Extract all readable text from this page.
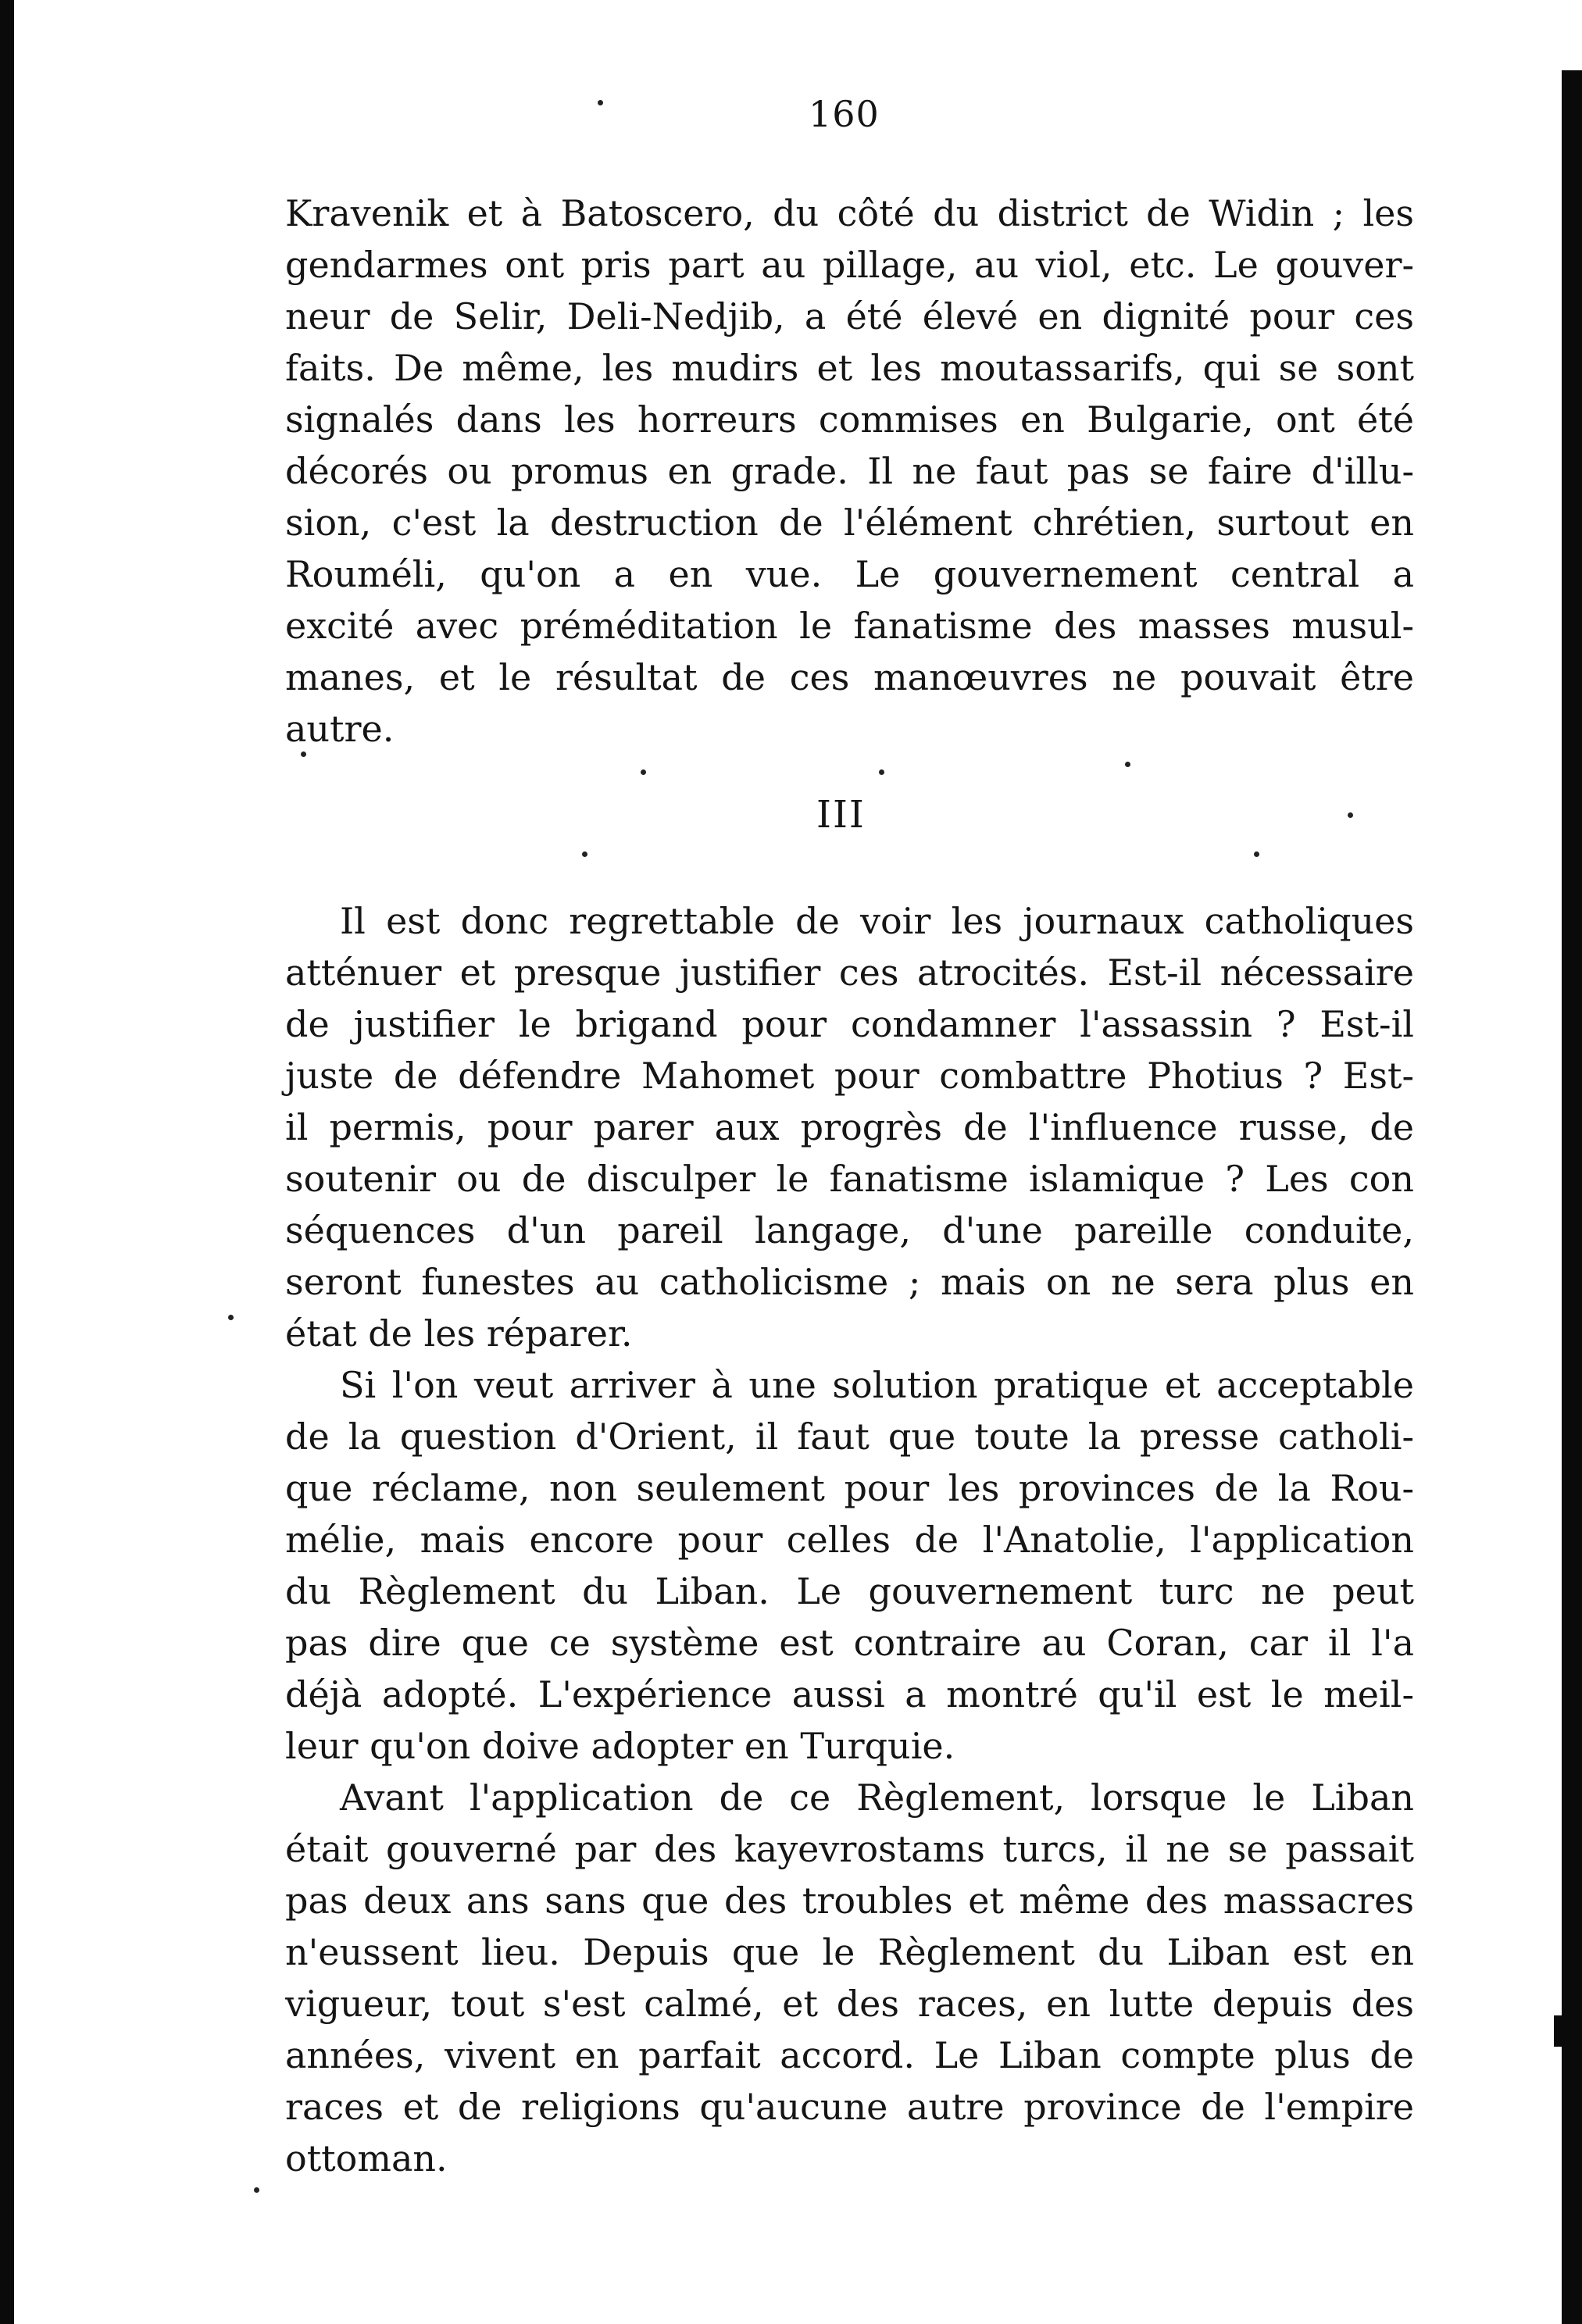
160
Kravenik et à Batoscero, du côté du district de Widin ; les
gendarmes ont pris part au pillage, au viol, etc. Le gouver-
neur de Selir, Deli-Nedjib, a été élevé en dignité pour ces
faits. De même, les mudirs et les moutassarifs, qui se sont
signalés dans les horreurs commises en Bulgarie, ont été
décorés ou promus en grade. Il ne faut pas se faire d'illu-
sion, c'est la destruction de l'élément chrétien, surtout en
Rouméli, qu'on a en vue. Le gouvernement central a
excité avec préméditation le fanatisme des masses musul-
manes, et le résultat de ces manœuvres ne pouvait être
autre.
III
Il est donc regrettable de voir les journaux catholiques
atténuer et presque justifier ces atrocités. Est-il nécessaire
de justifier le brigand pour condamner l'assassin ? Est-il
juste de défendre Mahomet pour combattre Photius ? Est-
il permis, pour parer aux progrès de l'influence russe, de
soutenir ou de disculper le fanatisme islamique ? Les con
séquences d'un pareil langage, d'une pareille conduite,
seront funestes au catholicisme ; mais on ne sera plus en
état de les réparer.
Si l'on veut arriver à une solution pratique et acceptable
de la question d'Orient, il faut que toute la presse catholi-
que réclame, non seulement pour les provinces de la Rou-
mélie, mais encore pour celles de l'Anatolie, l'application
du Règlement du Liban. Le gouvernement turc ne peut
pas dire que ce système est contraire au Coran, car il l'a
déjà adopté. L'expérience aussi a montré qu'il est le meil-
leur qu'on doive adopter en Turquie.
Avant l'application de ce Règlement, lorsque le Liban
était gouverné par des kayevrostams turcs, il ne se passait
pas deux ans sans que des troubles et même des massacres
n'eussent lieu. Depuis que le Règlement du Liban est en
vigueur, tout s'est calmé, et des races, en lutte depuis des
années, vivent en parfait accord. Le Liban compte plus de
races et de religions qu'aucune autre province de l'empire
ottoman.
